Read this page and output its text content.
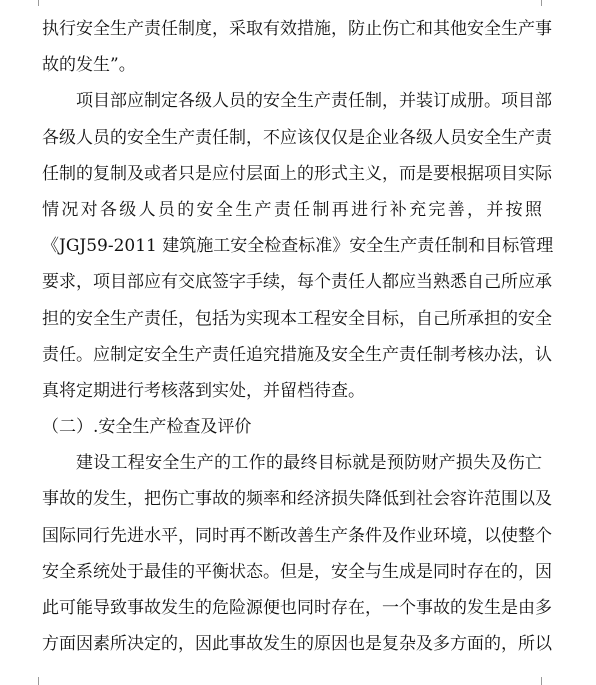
执行安全生产责任制度，采取有效措施，防止伤亡和其他安全生产事
故的发生”。
项目部应制定各级人员的安全生产责任制，并装订成册。项目部
各级人员的安全生产责任制，不应该仅仅是企业各级人员安全生产责
任制的复制及或者只是应付层面上的形式主义，而是要根据项目实际
情况对各级人员的安全生产责任制再进行补充完善，并按照
《JGJ59-2011 建筑施工安全检查标准》安全生产责任制和目标管理
要求，项目部应有交底签字手续，每个责任人都应当熟悉自己所应承
担的安全生产责任，包括为实现本工程安全目标，自己所承担的安全
责任。应制定安全生产责任追究措施及安全生产责任制考核办法，认
真将定期进行考核落到实处，并留档待查。
（二）.安全生产检查及评价
建设工程安全生产的工作的最终目标就是预防财产损失及伤亡
事故的发生，把伤亡事故的频率和经济损失降低到社会容许范围以及
国际同行先进水平，同时再不断改善生产条件及作业环境，以使整个
安全系统处于最佳的平衡状态。但是，安全与生成是同时存在的，因
此可能导致事故发生的危险源便也同时存在，一个事故的发生是由多
方面因素所决定的，因此事故发生的原因也是复杂及多方面的，所以
